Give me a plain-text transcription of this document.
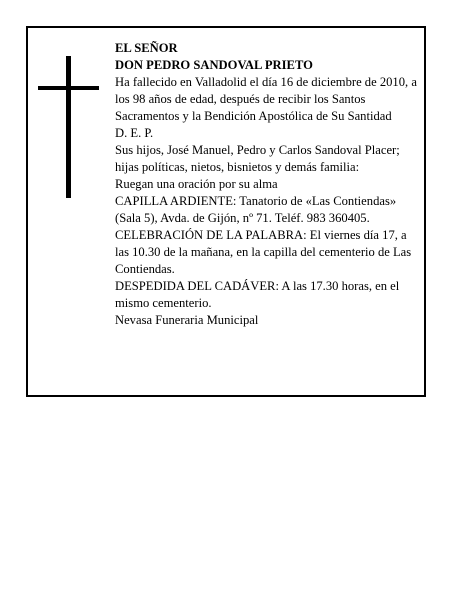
EL SEÑOR
DON PEDRO SANDOVAL PRIETO
Ha fallecido en Valladolid el día 16 de diciembre de 2010, a los 98 años de edad, después de recibir los Santos Sacramentos y la Bendición Apostólica de Su Santidad
D. E. P.
Sus hijos, José Manuel, Pedro y Carlos Sandoval Placer; hijas políticas, nietos, bisnietos y demás familia:
Ruegan una oración por su alma
CAPILLA ARDIENTE: Tanatorio de «Las Contiendas» (Sala 5), Avda. de Gijón, nº 71. Teléf. 983 360405.
CELEBRACIÓN DE LA PALABRA: El viernes día 17, a las 10.30 de la mañana, en la capilla del cementerio de Las Contiendas.
DESPEDIDA DEL CADÁVER: A las 17.30 horas, en el mismo cementerio.
Nevasa Funeraria Municipal
